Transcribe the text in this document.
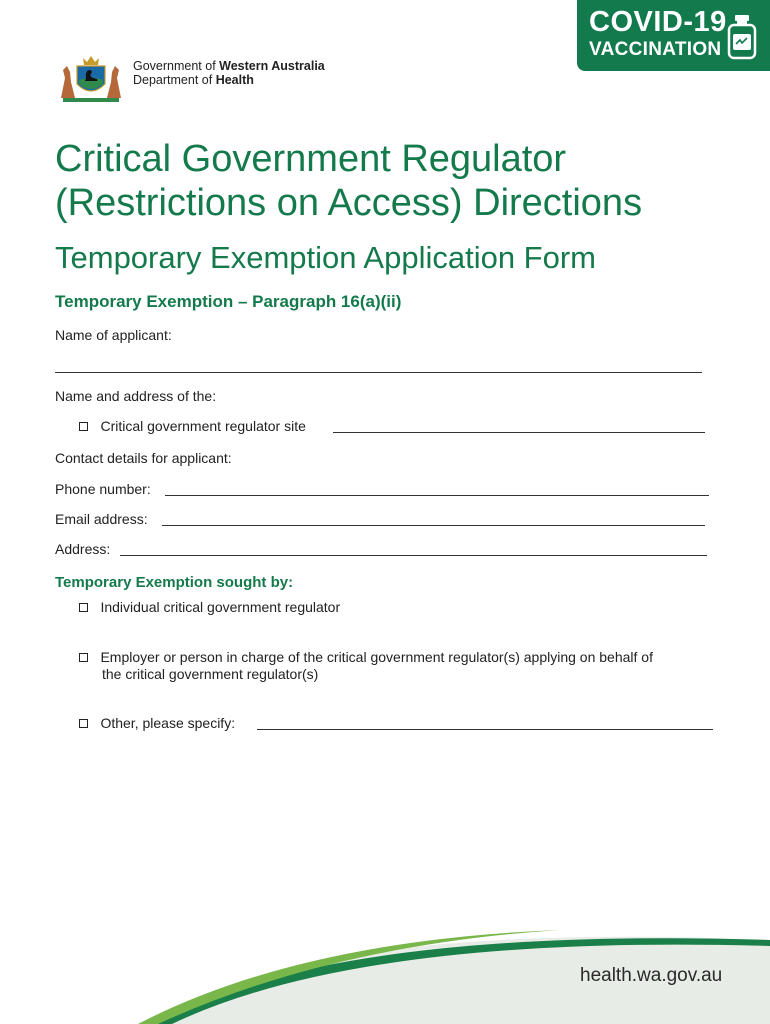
Government of Western Australia
Department of Health
COVID-19
VACCINATION
Critical Government Regulator
(Restrictions on Access) Directions
Temporary Exemption Application Form
Temporary Exemption – Paragraph 16(a)(ii)
Name of applicant:
Name and address of the:
Critical government regulator site
Contact details for applicant:
Phone number:
Email address:
Address:
Temporary Exemption sought by:
Individual critical government regulator
Employer or person in charge of the critical government regulator(s) applying on behalf of
the critical government regulator(s)
Other, please specify:
health.wa.gov.au
